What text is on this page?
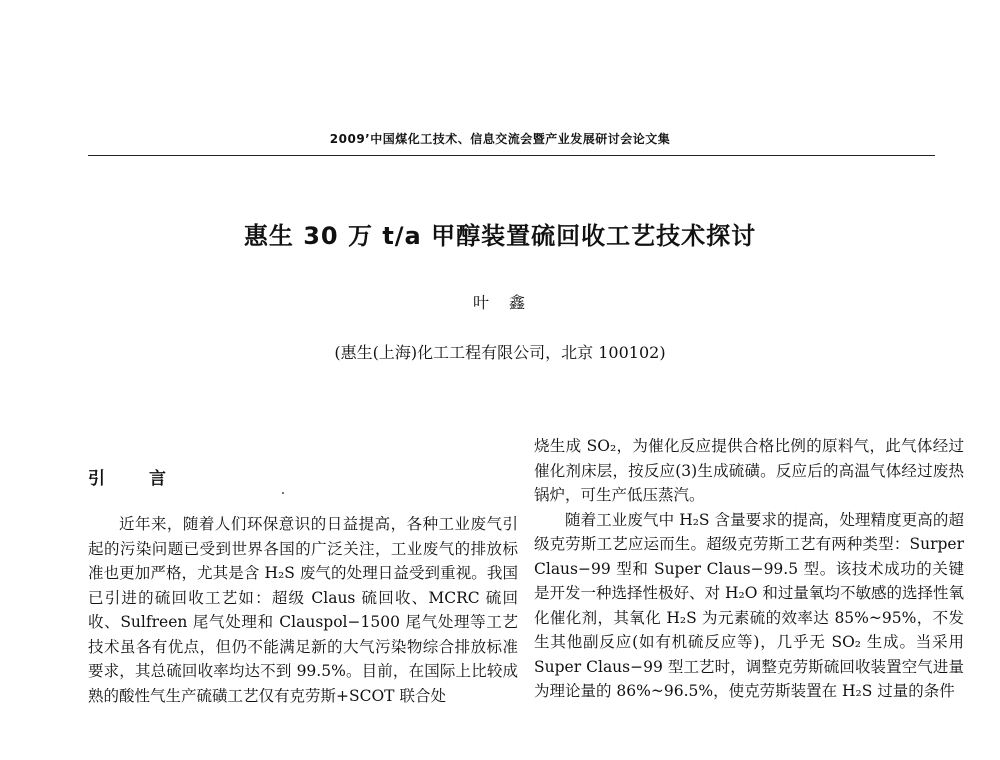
2009’中国煤化工技术、信息交流会暨产业发展研讨会论文集
惠生 30 万 t/a 甲醇装置硫回收工艺技术探讨
叶　鑫
(惠生(上海)化工工程有限公司，北京 100102)
引言

近年来，随着人们环保意识的日益提高，各种工业废气引起的污染问题已受到世界各国的广泛关注，工业废气的排放标准也更加严格，尤其是含 H₂S 废气的处理日益受到重视。我国已引进的硫回收工艺如：超级 Claus 硫回收、MCRC 硫回收、Sulfreen 尾气处理和 Clauspol−1500 尾气处理等工艺技术虽各有优点，但仍不能满足新的大气污染物综合排放标准要求，其总硫回收率均达不到 99.5%。目前，在国际上比较成熟的酸性气生产硫磺工艺仅有克劳斯+SCOT 联合处

烧生成 SO₂，为催化反应提供合格比例的原料气，此气体经过催化剂床层，按反应(3)生成硫磺。反应后的高温气体经过废热锅炉，可生产低压蒸汽。

随着工业废气中 H₂S 含量要求的提高，处理精度更高的超级克劳斯工艺应运而生。超级克劳斯工艺有两种类型：Surper Claus−99 型和 Super Claus−99.5 型。该技术成功的关键是开发一种选择性极好、对 H₂O 和过量氧均不敏感的选择性氧化催化剂，其氧化 H₂S 为元素硫的效率达 85%~95%，不发生其他副反应(如有机硫反应等)，几乎无 SO₂ 生成。当采用 Super Claus−99 型工艺时，调整克劳斯硫回收装置空气进量为理论量的 86%~96.5%，使克劳斯装置在 H₂S 过量的条件
